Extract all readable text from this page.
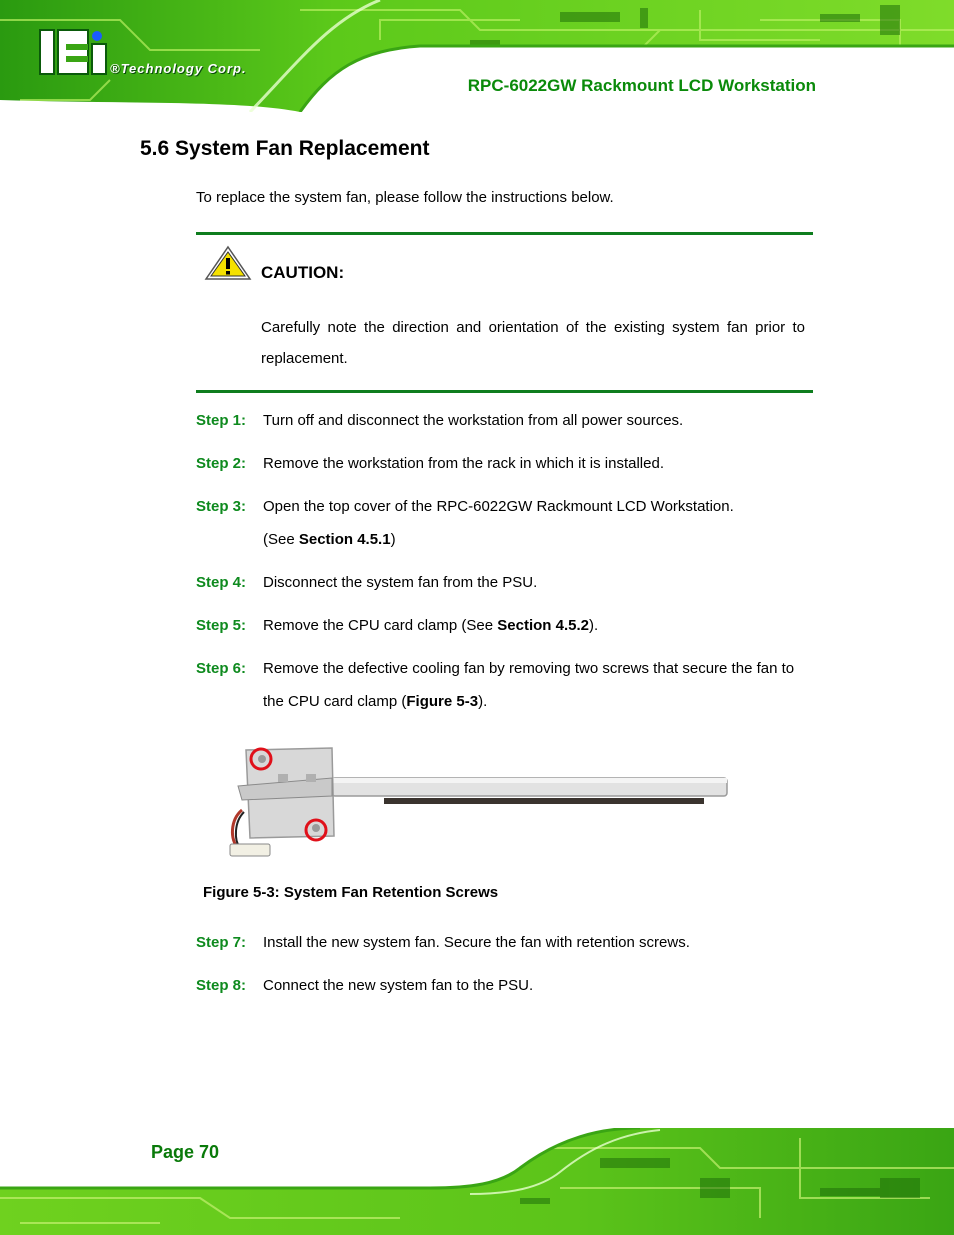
RPC-6022GW Rackmount LCD Workstation
®Technology Corp.
5.6 System Fan Replacement
To replace the system fan, please follow the instructions below.
CAUTION:
Carefully note the direction and orientation of the existing system fan prior to replacement.
Step 1: Turn off and disconnect the workstation from all power sources.
Step 2: Remove the workstation from the rack in which it is installed.
Step 3: Open the top cover of the RPC-6022GW Rackmount LCD Workstation.
(See Section 4.5.1)
Step 4: Disconnect the system fan from the PSU.
Step 5: Remove the CPU card clamp (See Section 4.5.2).
Step 6: Remove the defective cooling fan by removing two screws that secure the fan to the CPU card clamp (Figure 5-3).
Figure 5-3: System Fan Retention Screws
Step 7: Install the new system fan. Secure the fan with retention screws.
Step 8: Connect the new system fan to the PSU.
Page 70
